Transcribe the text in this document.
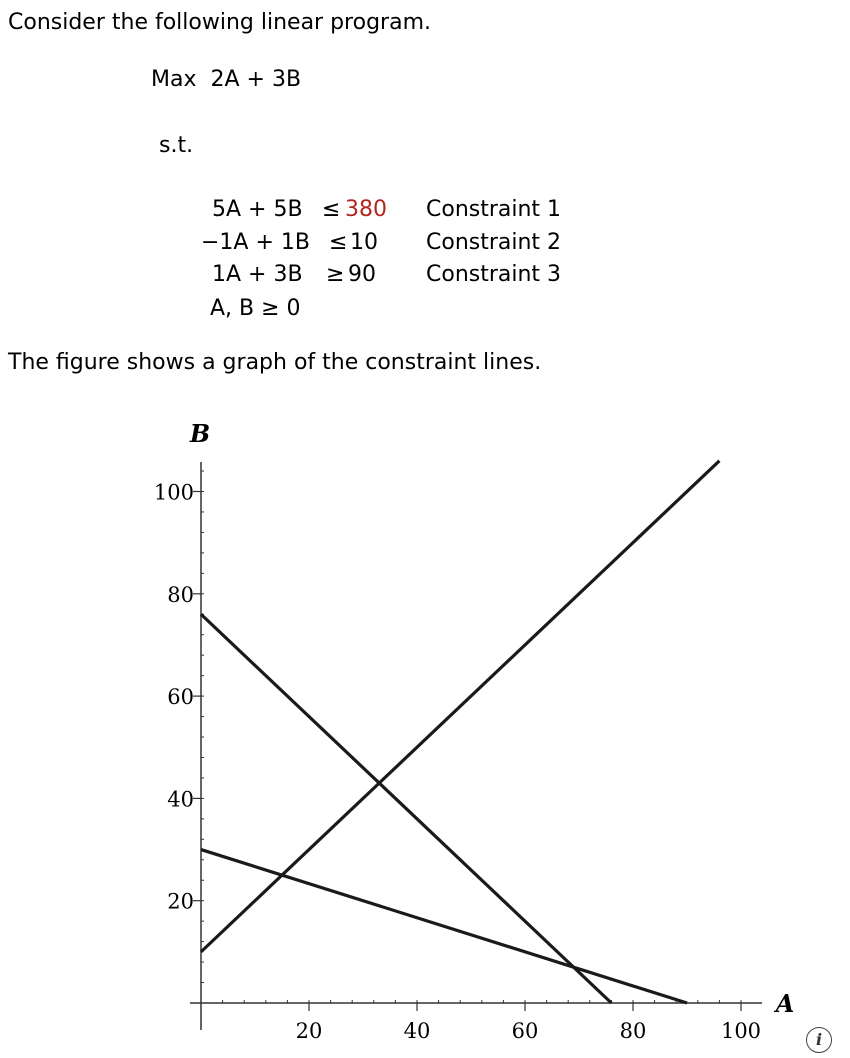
Consider the following linear program.
Max 2A + 3B
s.t.
5A + 5B ≤ 380 Constraint 1
−1A + 1B ≤ 10 Constraint 2
1A + 3B ≥ 90 Constraint 3
A, B ≥ 0
The figure shows a graph of the constraint lines.
20	40	60	80	100
20
40
60
80
100
A
B
i
